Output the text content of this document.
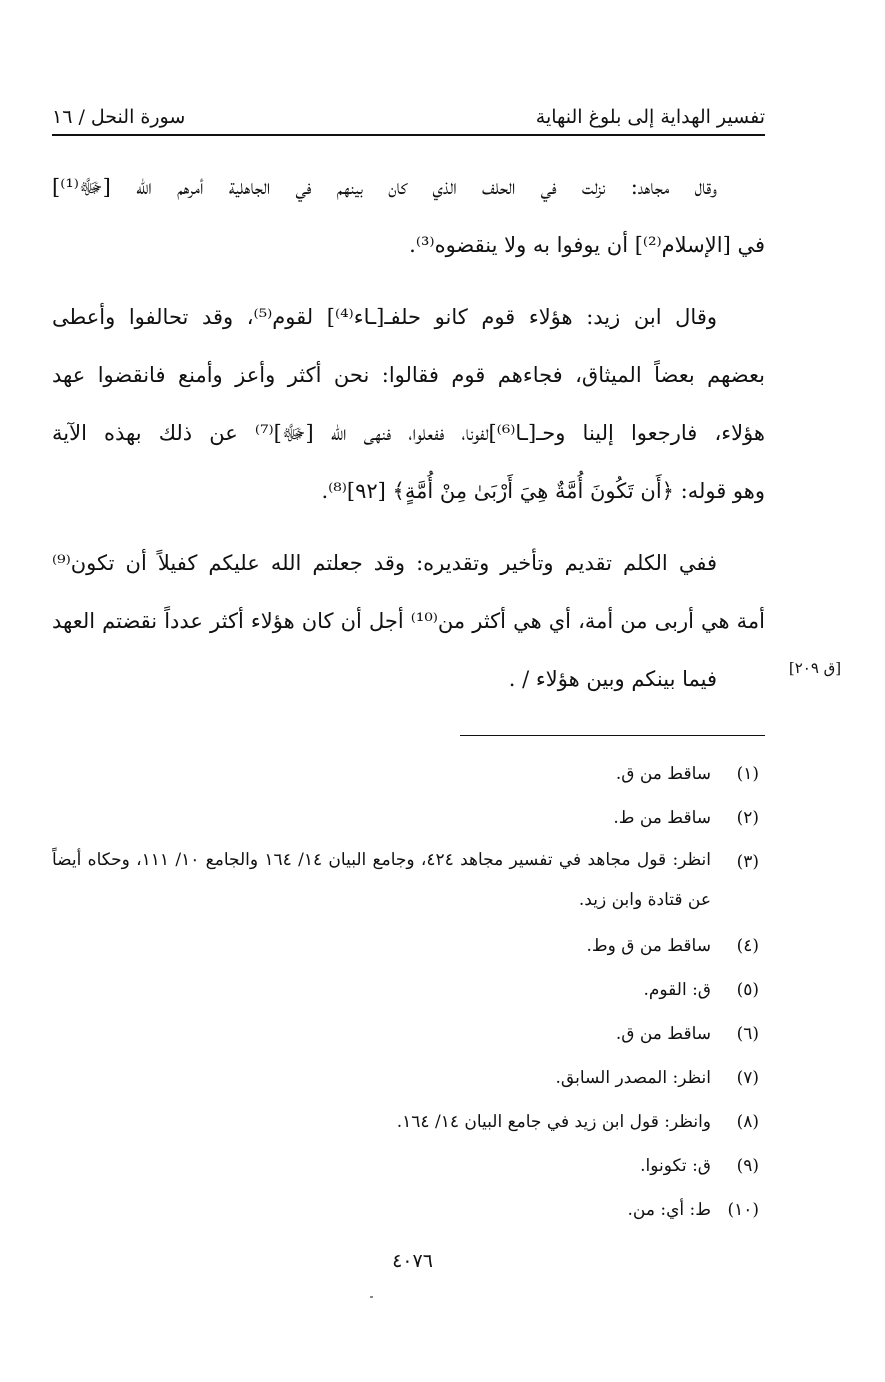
تفسير الهداية إلى بلوغ النهاية
سورة النحل / ١٦
وقال مجاهد: نزلت في الحلف الذي كان بينهم في الجاهلية أمرهم الله [ﷻ⁽¹⁾]
في [الإسلام⁽²⁾] أن يوفوا به ولا ينقضوه⁽³⁾.
وقال ابن زيد: هؤلاء قوم كانو حلفـ[ـاء⁽⁴⁾] لقوم⁽⁵⁾، وقد تحالفوا وأعطى
بعضهم بعضاً الميثاق، فجاءهم قوم فقالوا: نحن أكثر وأعز وأمنع فانقضوا عهد
هؤلاء، فارجعوا إلينا وحـ[ـا⁽⁶⁾]لفونا، ففعلوا، فنهى الله [ﷻ]⁽⁷⁾ عن ذلك بهذه الآية
وهو قوله: ﴿أَن تَكُونَ أُمَّةٌ هِيَ أَرْبَىٰ مِنْ أُمَّةٍ﴾ [٩٢]⁽⁸⁾.
ففي الكلم تقديم وتأخير وتقديره: وقد جعلتم الله عليكم كفيلاً أن تكون⁽⁹⁾
أمة هي أربى من أمة، أي هي أكثر من⁽¹⁰⁾ أجل أن كان هؤلاء أكثر عدداً نقضتم العهد
فيما بينكم وبين هؤلاء / .	[ق ٢٠٩]
(١)
ساقط من ق.
(٢)
ساقط من ط.
(٣)
انظر: قول مجاهد في تفسير مجاهد ٤٢٤، وجامع البيان ١٤/ ١٦٤ والجامع ١٠/ ١١١، وحكاه أيضاً عن قتادة وابن زيد.
(٤)
ساقط من ق وط.
(٥)
ق: القوم.
(٦)
ساقط من ق.
(٧)
انظر: المصدر السابق.
(٨)
وانظر: قول ابن زيد في جامع البيان ١٤/ ١٦٤.
(٩)
ق: تكونوا.
(١٠)
ط: أي: من.
٤٠٧٦
